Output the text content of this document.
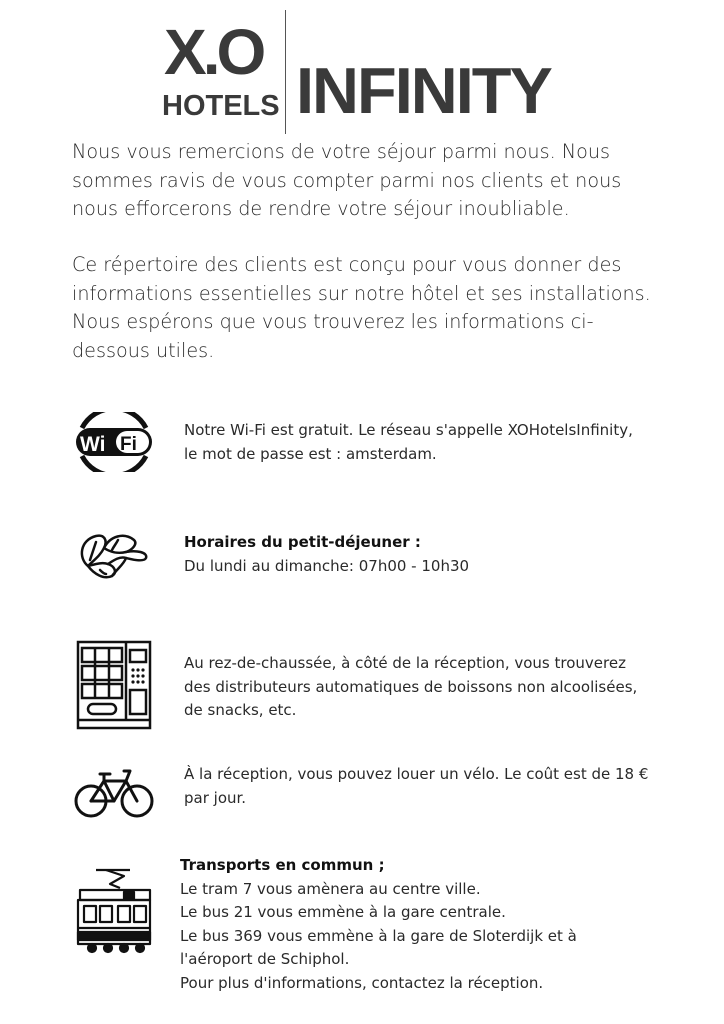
X.O
HOTELS INFINITY
Nous vous remercions de votre séjour parmi nous. Nous
sommes ravis de vous compter parmi nos clients et nous
nous efforcerons de rendre votre séjour inoubliable.
Ce répertoire des clients est conçu pour vous donner des
informations essentielles sur notre hôtel et ses installations.
Nous espérons que vous trouverez les informations ci-
dessous utiles.
Wi Fi
Notre Wi-Fi est gratuit. Le réseau s'appelle XOHotelsInfinity,
le mot de passe est : amsterdam.
Horaires du petit-déjeuner :
Du lundi au dimanche: 07h00 - 10h30
Au rez-de-chaussée, à côté de la réception, vous trouverez
des distributeurs automatiques de boissons non alcoolisées,
de snacks, etc.
À la réception, vous pouvez louer un vélo. Le coût est de 18 €
par jour.
Transports en commun ;
Le tram 7 vous amènera au centre ville.
Le bus 21 vous emmène à la gare centrale.
Le bus 369 vous emmène à la gare de Sloterdijk et à
l'aéroport de Schiphol.
Pour plus d'informations, contactez la réception.
